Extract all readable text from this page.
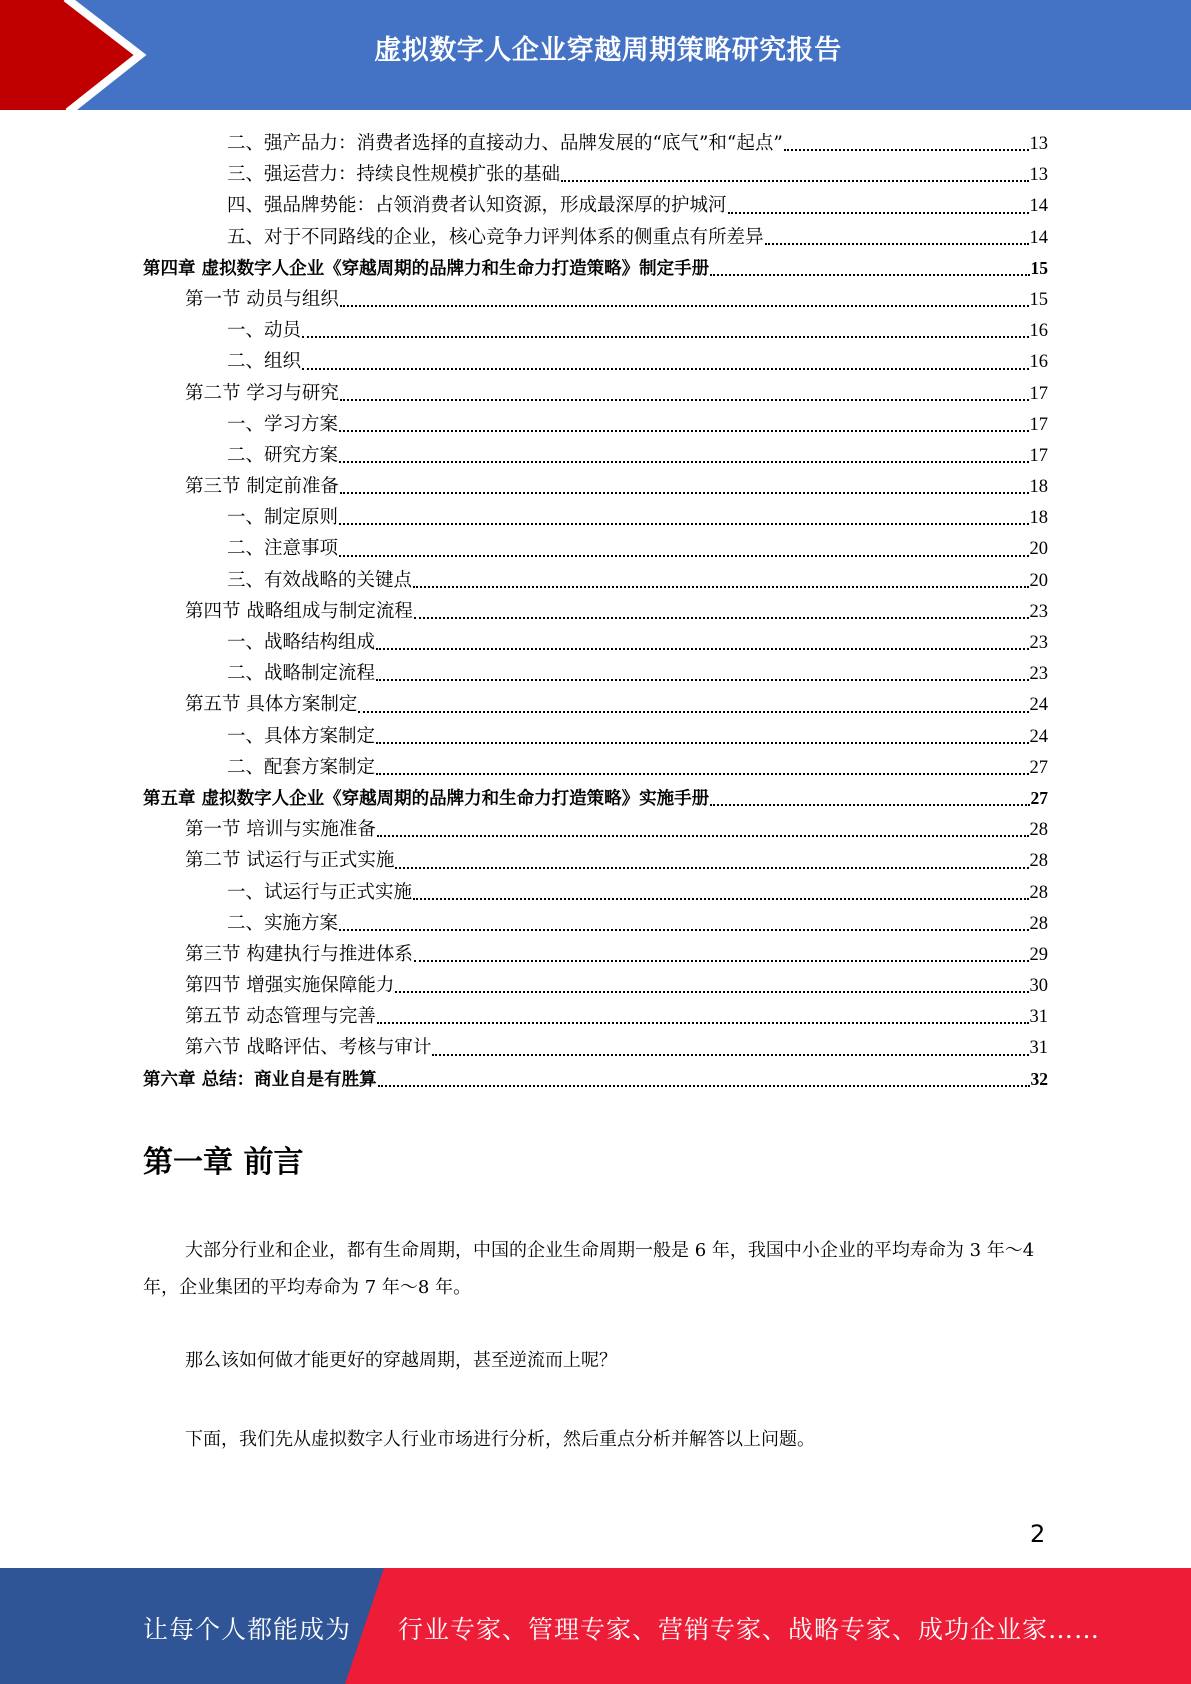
虚拟数字人企业穿越周期策略研究报告
二、强产品力：消费者选择的直接动力、品牌发展的“底气”和“起点”	13
三、强运营力：持续良性规模扩张的基础	13
四、强品牌势能：占领消费者认知资源，形成最深厚的护城河	14
五、对于不同路线的企业，核心竞争力评判体系的侧重点有所差异	14
第四章 虚拟数字人企业《穿越周期的品牌力和生命力打造策略》制定手册	15
第一节 动员与组织	15
一、动员	16
二、组织	16
第二节 学习与研究	17
一、学习方案	17
二、研究方案	17
第三节 制定前准备	18
一、制定原则	18
二、注意事项	20
三、有效战略的关键点	20
第四节 战略组成与制定流程	23
一、战略结构组成	23
二、战略制定流程	23
第五节 具体方案制定	24
一、具体方案制定	24
二、配套方案制定	27
第五章 虚拟数字人企业《穿越周期的品牌力和生命力打造策略》实施手册	27
第一节 培训与实施准备	28
第二节 试运行与正式实施	28
一、试运行与正式实施	28
二、实施方案	28
第三节 构建执行与推进体系	29
第四节 增强实施保障能力	30
第五节 动态管理与完善	31
第六节 战略评估、考核与审计	31
第六章 总结：商业自是有胜算	32
第一章 前言
大部分行业和企业，都有生命周期，中国的企业生命周期一般是 6 年，我国中小企业的平均寿命为 3 年～4 年，企业集团的平均寿命为 7 年～8 年。
那么该如何做才能更好的穿越周期，甚至逆流而上呢？
下面，我们先从虚拟数字人行业市场进行分析，然后重点分析并解答以上问题。
2
让每个人都能成为 行业专家、管理专家、营销专家、战略专家、成功企业家……
